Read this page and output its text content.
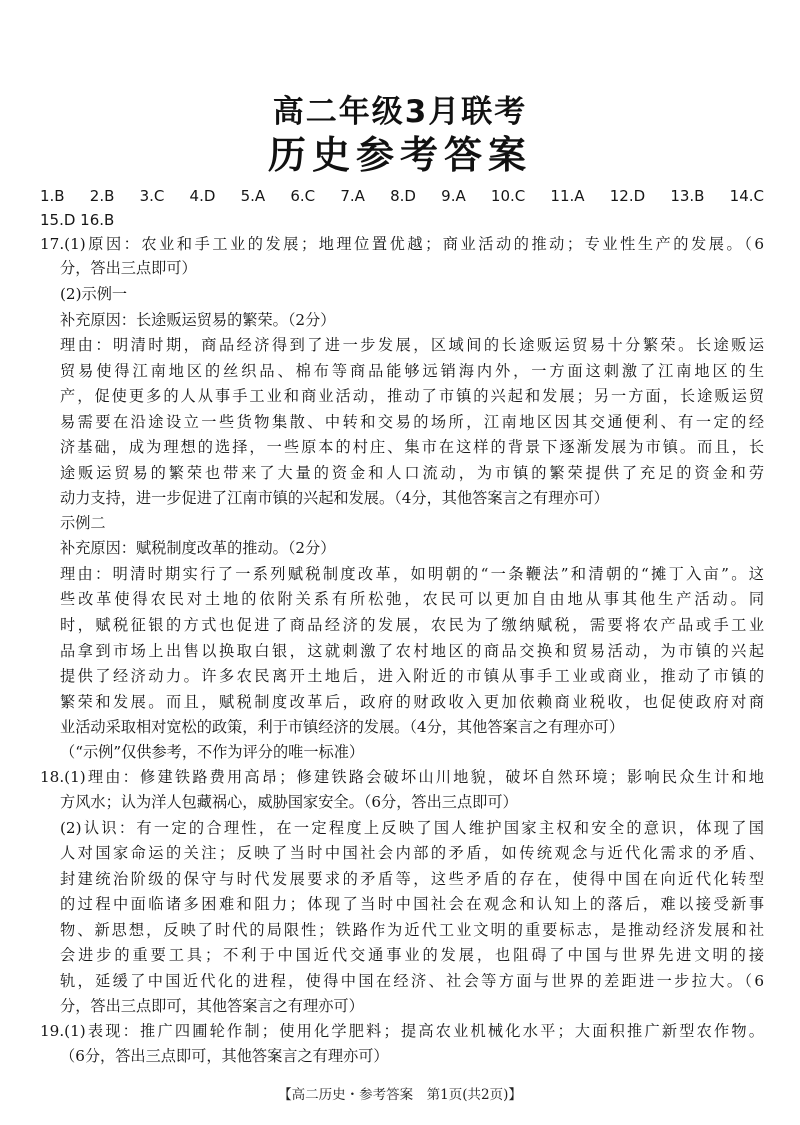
高二年级3月联考
历史参考答案
1.B 2.B 3.C 4.D 5.A 6.C 7.A 8.D 9.A 10.C 11.A 12.D 13.B 14.C
15.D 16.B
17.(1)原因：农业和手工业的发展；地理位置优越；商业活动的推动；专业性生产的发展。（6
分，答出三点即可）
(2)示例一
补充原因：长途贩运贸易的繁荣。（2分）
理由：明清时期，商品经济得到了进一步发展，区域间的长途贩运贸易十分繁荣。长途贩运
贸易使得江南地区的丝织品、棉布等商品能够远销海内外，一方面这刺激了江南地区的生
产，促使更多的人从事手工业和商业活动，推动了市镇的兴起和发展；另一方面，长途贩运贸
易需要在沿途设立一些货物集散、中转和交易的场所，江南地区因其交通便利、有一定的经
济基础，成为理想的选择，一些原本的村庄、集市在这样的背景下逐渐发展为市镇。而且，长
途贩运贸易的繁荣也带来了大量的资金和人口流动，为市镇的繁荣提供了充足的资金和劳
动力支持，进一步促进了江南市镇的兴起和发展。（4分，其他答案言之有理亦可）
示例二
补充原因：赋税制度改革的推动。（2分）
理由：明清时期实行了一系列赋税制度改革，如明朝的“一条鞭法”和清朝的“摊丁入亩”。这
些改革使得农民对土地的依附关系有所松弛，农民可以更加自由地从事其他生产活动。同
时，赋税征银的方式也促进了商品经济的发展，农民为了缴纳赋税，需要将农产品或手工业
品拿到市场上出售以换取白银，这就刺激了农村地区的商品交换和贸易活动，为市镇的兴起
提供了经济动力。许多农民离开土地后，进入附近的市镇从事手工业或商业，推动了市镇的
繁荣和发展。而且，赋税制度改革后，政府的财政收入更加依赖商业税收，也促使政府对商
业活动采取相对宽松的政策，利于市镇经济的发展。（4分，其他答案言之有理亦可）
（“示例”仅供参考，不作为评分的唯一标准）
18.(1)理由：修建铁路费用高昂；修建铁路会破坏山川地貌，破坏自然环境；影响民众生计和地
方风水；认为洋人包藏祸心，威胁国家安全。（6分，答出三点即可）
(2)认识：有一定的合理性，在一定程度上反映了国人维护国家主权和安全的意识，体现了国
人对国家命运的关注；反映了当时中国社会内部的矛盾，如传统观念与近代化需求的矛盾、
封建统治阶级的保守与时代发展要求的矛盾等，这些矛盾的存在，使得中国在向近代化转型
的过程中面临诸多困难和阻力；体现了当时中国社会在观念和认知上的落后，难以接受新事
物、新思想，反映了时代的局限性；铁路作为近代工业文明的重要标志，是推动经济发展和社
会进步的重要工具；不利于中国近代交通事业的发展，也阻碍了中国与世界先进文明的接
轨，延缓了中国近代化的进程，使得中国在经济、社会等方面与世界的差距进一步拉大。（6
分，答出三点即可，其他答案言之有理亦可）
19.(1)表现：推广四圃轮作制；使用化学肥料；提高农业机械化水平；大面积推广新型农作物。
（6分，答出三点即可，其他答案言之有理亦可）
【高二历史・参考答案　第1页(共2页)】
